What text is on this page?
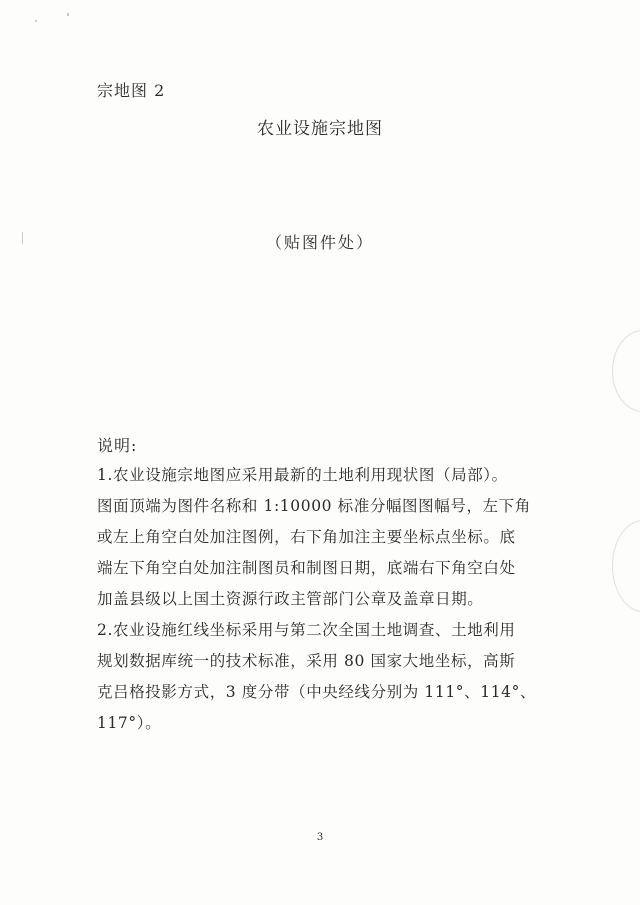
宗地图 2
农业设施宗地图
（贴图件处）
说明:
1.农业设施宗地图应采用最新的土地利用现状图（局部）。
图面顶端为图件名称和 1:10000 标准分幅图图幅号，左下角
或左上角空白处加注图例，右下角加注主要坐标点坐标。底
端左下角空白处加注制图员和制图日期，底端右下角空白处
加盖县级以上国土资源行政主管部门公章及盖章日期。
2.农业设施红线坐标采用与第二次全国土地调查、土地利用
规划数据库统一的技术标准，采用 80 国家大地坐标，高斯
克吕格投影方式，3 度分带（中央经线分别为 111°、114°、
117°）。
3
